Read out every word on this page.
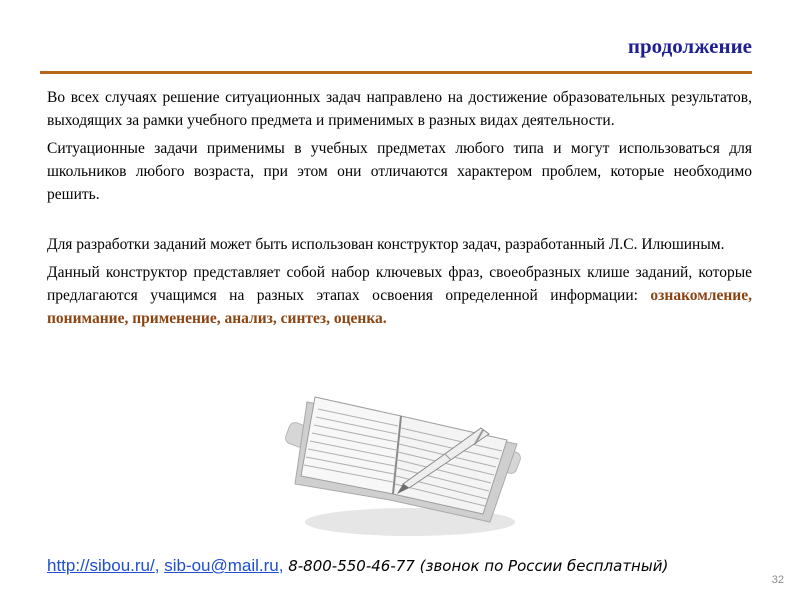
продолжение

Во всех случаях решение ситуационных задач направлено на достижение образовательных результатов, выходящих за рамки учебного предмета и применимых в разных видах деятельности.

Ситуационные задачи применимы в учебных предметах любого типа и могут использоваться для школьников любого возраста, при этом они отличаются характером проблем, которые необходимо решить.

Для разработки заданий может быть использован конструктор задач, разработанный Л.С. Илюшиным.

Данный конструктор представляет собой набор ключевых фраз, своеобразных клише заданий, которые предлагаются учащимся на разных этапах освоения определенной информации: ознакомление, понимание, применение, анализ, синтез, оценка.

http://sibou.ru/, sib-ou@mail.ru, 8-800-550-46-77 (звонок по России бесплатный)
32
